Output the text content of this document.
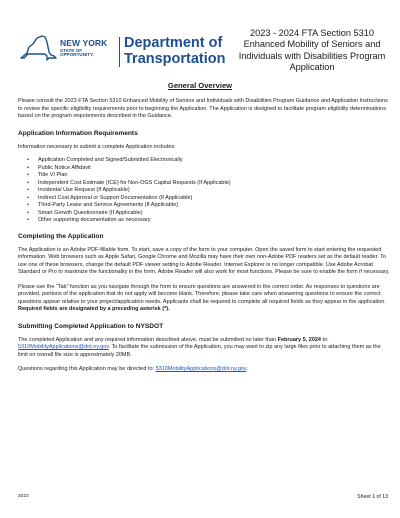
NEW YORK
STATE OF
OPPORTUNITY.
Department of
Transportation
2023 - 2024 FTA Section 5310
Enhanced Mobility of Seniors and
Individuals with Disabilities Program
Application
General Overview

Please consult the 2023 FTA Section 5310 Enhanced Mobility of Seniors and Individuals with Disabilities Program Guidance and Application Instructions to review the specific eligibility requirements prior to beginning the Application. The Application is designed to facilitate program eligibility determinations based on the program requirements described in the Guidance.

Application Information Requirements

Information necessary to submit a complete Application includes:

• Application Completed and Signed/Submitted Electronically
• Public Notice Affidavit
• Title VI Plan
• Independent Cost Estimate (ICE) for Non-OGS Capital Requests (If Applicable)
• Incidental Use Request (If Applicable)
• Indirect Cost Approval or Support Documentation (If Applicable)
• Third-Party Lease and Service Agreements (If Applicable)
• Smart Growth Questionnaire (If Applicable)
• Other supporting documentation as necessary
Completing the Application

The Application is an Adobe PDF-fillable form. To start, save a copy of the form to your computer. Open the saved form to start entering the requested information. Web browsers such as Apple Safari, Google Chrome and Mozilla may have their own non-Adobe PDF readers set as the default reader. To use one of these browsers, change the default PDF viewer setting to Adobe Reader. Internet Explorer is no longer compatible. Use Adobe Acrobat Standard or Pro to maximize the functionality in the form. Adobe Reader will also work for most functions. Please be sure to enable the form if necessary.

Please use the “Tab” function as you navigate through the form to ensure questions are answered in the correct order. As responses to questions are provided, portions of the application that do not apply will become blank. Therefore, please take care when answering questions to ensure the correct questions appear relative to your project/application needs. Applicants shall be required to complete all required fields as they appear in the application. Required fields are designated by a preceding asterisk (*).

Submitting Completed Application to NYSDOT

The completed Application and any required information described above, must be submitted no later than February 5, 2024 to: 5310MobilityApplications@dot.ny.gov. To facilitate the submission of the Application, you may want to zip any large files prior to attaching them as the limit on overall file size is approximately 20MB.

Questions regarding this Application may be directed to: 5310MobilityApplications@dot.ny.gov.

2023	Sheet 1 of 13
